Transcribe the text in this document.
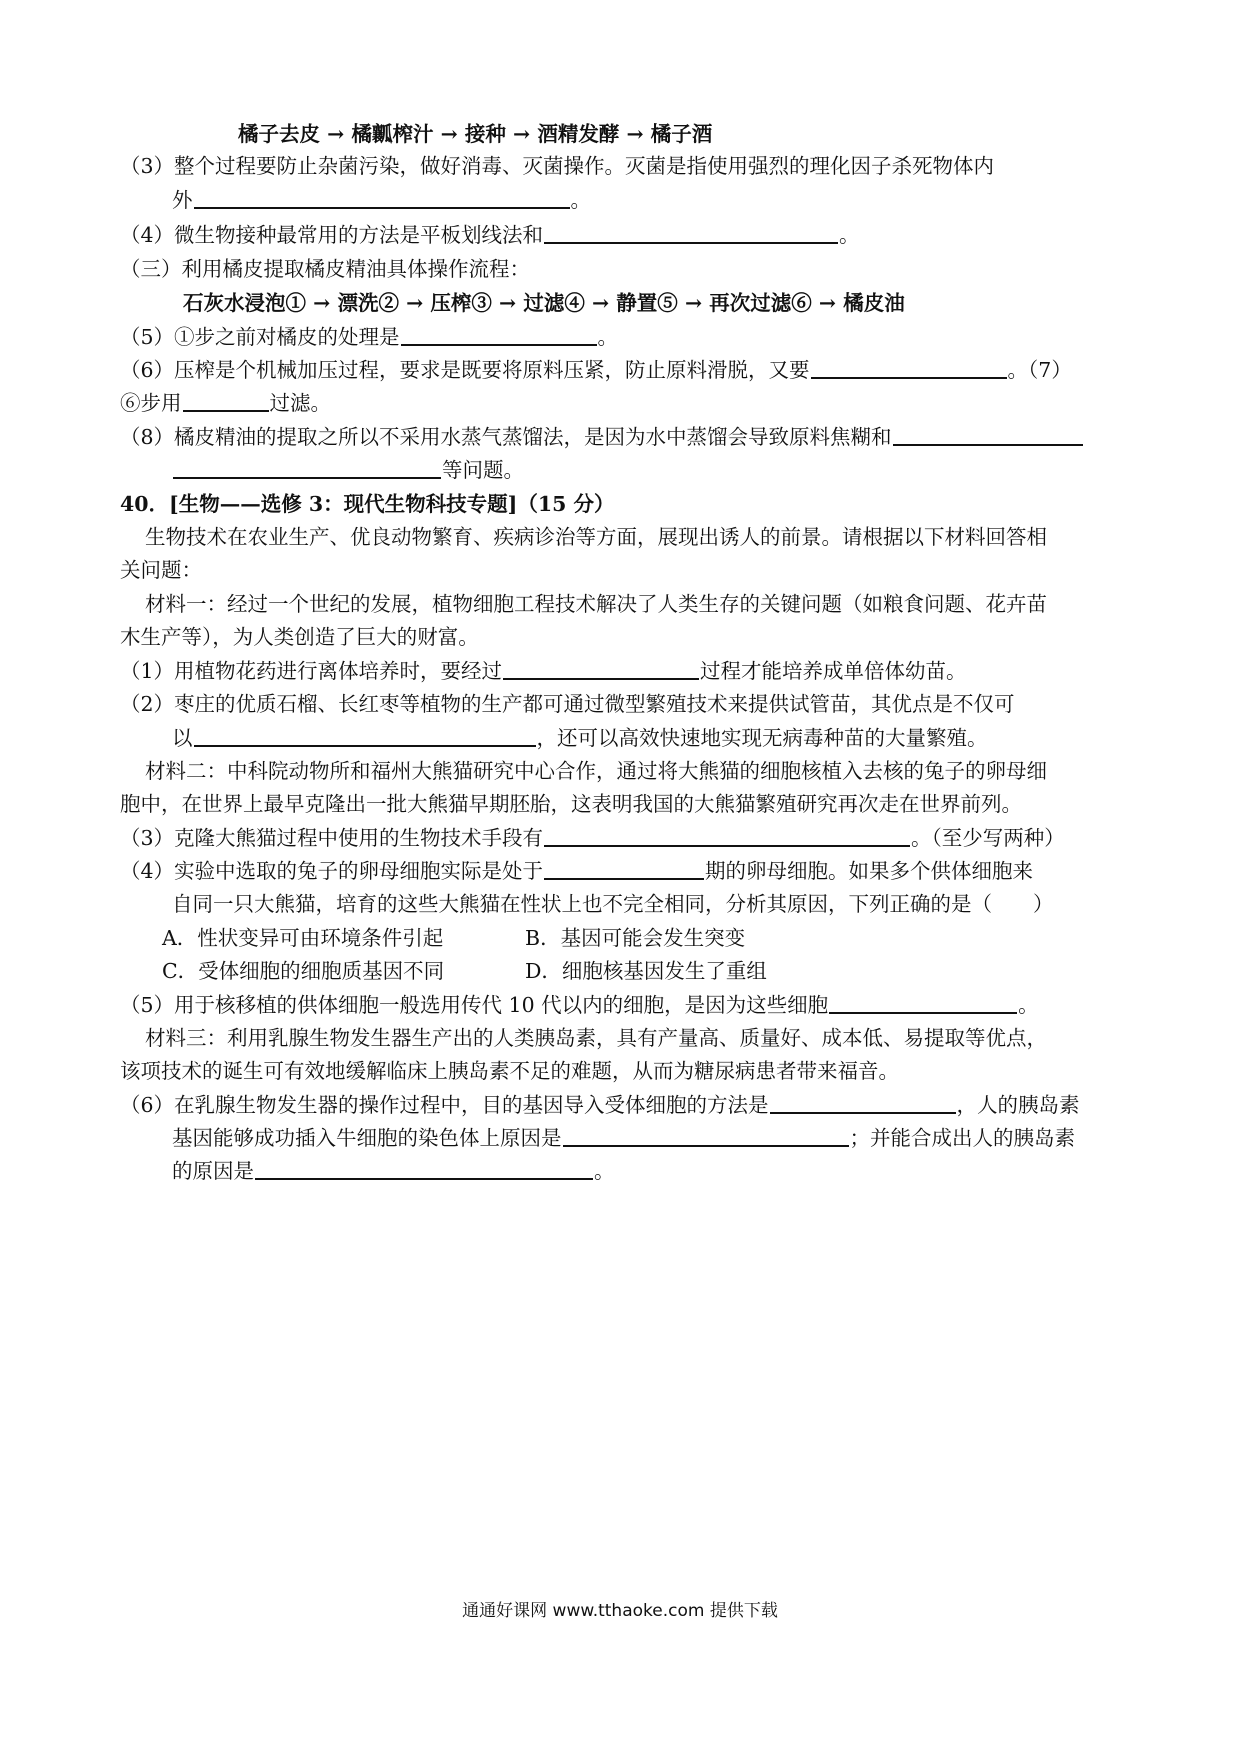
橘子去皮 → 橘瓤榨汁 → 接种 → 酒精发酵 → 橘子酒
（3）整个过程要防止杂菌污染，做好消毒、灭菌操作。灭菌是指使用强烈的理化因子杀死物体内
外	。
（4）微生物接种最常用的方法是平板划线法和	。
（三）利用橘皮提取橘皮精油具体操作流程：
石灰水浸泡① → 漂洗② → 压榨③ → 过滤④ → 静置⑤ → 再次过滤⑥ → 橘皮油
（5）①步之前对橘皮的处理是	。
（6）压榨是个机械加压过程，要求是既要将原料压紧，防止原料滑脱，又要	。（7）
⑥步用	过滤。
（8）橘皮精油的提取之所以不采用水蒸气蒸馏法，是因为水中蒸馏会导致原料焦糊和
等问题。
40．[生物——选修 3：现代生物科技专题]（15 分）
生物技术在农业生产、优良动物繁育、疾病诊治等方面，展现出诱人的前景。请根据以下材料回答相
关问题：
材料一：经过一个世纪的发展，植物细胞工程技术解决了人类生存的关键问题（如粮食问题、花卉苗
木生产等），为人类创造了巨大的财富。
（1）用植物花药进行离体培养时，要经过	过程才能培养成单倍体幼苗。
（2）枣庄的优质石榴、长红枣等植物的生产都可通过微型繁殖技术来提供试管苗，其优点是不仅可
以	，还可以高效快速地实现无病毒种苗的大量繁殖。
材料二：中科院动物所和福州大熊猫研究中心合作，通过将大熊猫的细胞核植入去核的兔子的卵母细
胞中，在世界上最早克隆出一批大熊猫早期胚胎，这表明我国的大熊猫繁殖研究再次走在世界前列。
（3）克隆大熊猫过程中使用的生物技术手段有	。（至少写两种）
（4）实验中选取的兔子的卵母细胞实际是处于	期的卵母细胞。如果多个供体细胞来
自同一只大熊猫，培育的这些大熊猫在性状上也不完全相同，分析其原因，下列正确的是（　　）
A．性状变异可由环境条件引起	B．基因可能会发生突变
C．受体细胞的细胞质基因不同	D．细胞核基因发生了重组
（5）用于核移植的供体细胞一般选用传代 10 代以内的细胞，是因为这些细胞	。
材料三：利用乳腺生物发生器生产出的人类胰岛素，具有产量高、质量好、成本低、易提取等优点，
该项技术的诞生可有效地缓解临床上胰岛素不足的难题，从而为糖尿病患者带来福音。
（6）在乳腺生物发生器的操作过程中，目的基因导入受体细胞的方法是	，人的胰岛素
基因能够成功插入牛细胞的染色体上原因是	；并能合成出人的胰岛素
的原因是	。
通通好课网 www.tthaoke.com 提供下载
